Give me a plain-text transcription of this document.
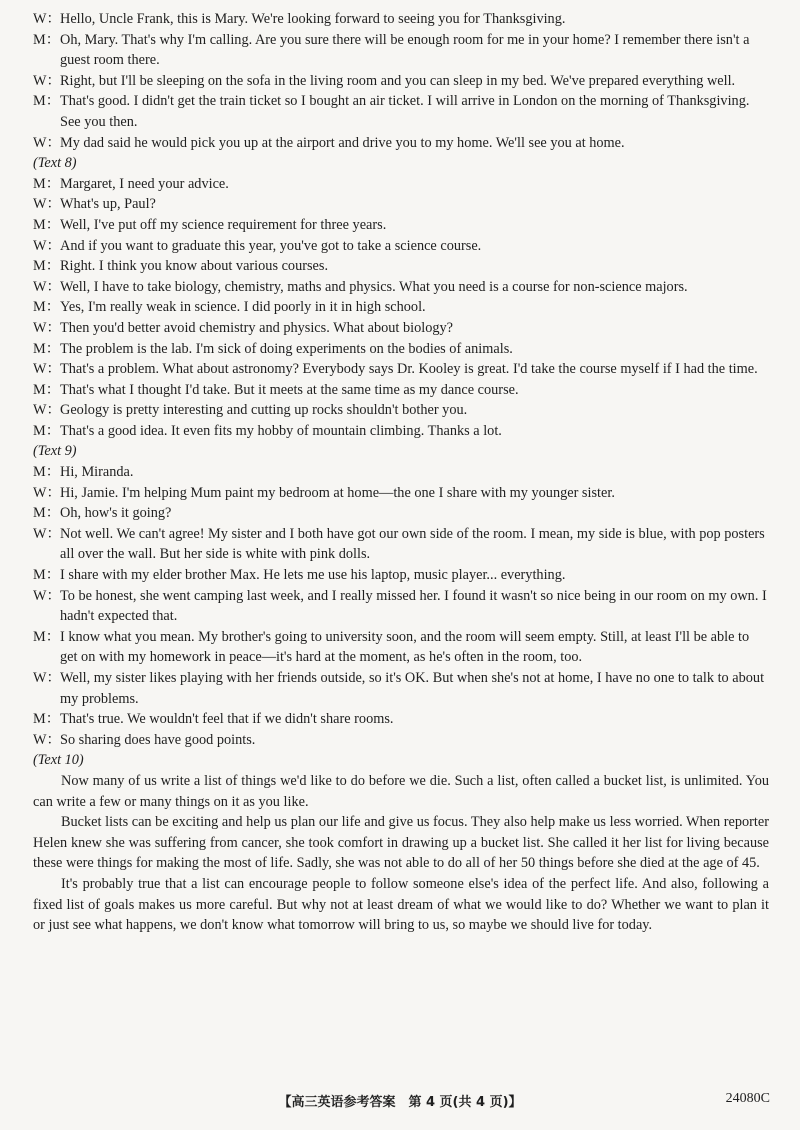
W：Hello, Uncle Frank, this is Mary. We're looking forward to seeing you for Thanksgiving.
M：Oh, Mary. That's why I'm calling. Are you sure there will be enough room for me in your home? I remember there isn't a guest room there.
W：Right, but I'll be sleeping on the sofa in the living room and you can sleep in my bed. We've prepared everything well.
M：That's good. I didn't get the train ticket so I bought an air ticket. I will arrive in London on the morning of Thanksgiving. See you then.
W：My dad said he would pick you up at the airport and drive you to my home. We'll see you at home.
(Text 8)
M：Margaret, I need your advice.
W：What's up, Paul?
M：Well, I've put off my science requirement for three years.
W：And if you want to graduate this year, you've got to take a science course.
M：Right. I think you know about various courses.
W：Well, I have to take biology, chemistry, maths and physics. What you need is a course for non-science majors.
M：Yes, I'm really weak in science. I did poorly in it in high school.
W：Then you'd better avoid chemistry and physics. What about biology?
M：The problem is the lab. I'm sick of doing experiments on the bodies of animals.
W：That's a problem. What about astronomy? Everybody says Dr. Kooley is great. I'd take the course myself if I had the time.
M：That's what I thought I'd take. But it meets at the same time as my dance course.
W：Geology is pretty interesting and cutting up rocks shouldn't bother you.
M：That's a good idea. It even fits my hobby of mountain climbing. Thanks a lot.
(Text 9)
M：Hi, Miranda.
W：Hi, Jamie. I'm helping Mum paint my bedroom at home—the one I share with my younger sister.
M：Oh, how's it going?
W：Not well. We can't agree! My sister and I both have got our own side of the room. I mean, my side is blue, with pop posters all over the wall. But her side is white with pink dolls.
M：I share with my elder brother Max. He lets me use his laptop, music player... everything.
W：To be honest, she went camping last week, and I really missed her. I found it wasn't so nice being in our room on my own. I hadn't expected that.
M：I know what you mean. My brother's going to university soon, and the room will seem empty. Still, at least I'll be able to get on with my homework in peace—it's hard at the moment, as he's often in the room, too.
W：Well, my sister likes playing with her friends outside, so it's OK. But when she's not at home, I have no one to talk to about my problems.
M：That's true. We wouldn't feel that if we didn't share rooms.
W：So sharing does have good points.
(Text 10)
Now many of us write a list of things we'd like to do before we die. Such a list, often called a bucket list, is unlimited. You can write a few or many things on it as you like.
Bucket lists can be exciting and help us plan our life and give us focus. They also help make us less worried. When reporter Helen knew she was suffering from cancer, she took comfort in drawing up a bucket list. She called it her list for living because these were things for making the most of life. Sadly, she was not able to do all of her 50 things before she died at the age of 45.
It's probably true that a list can encourage people to follow someone else's idea of the perfect life. And also, following a fixed list of goals makes us more careful. But why not at least dream of what we would like to do? Whether we want to plan it or just see what happens, we don't know what tomorrow will bring to us, so maybe we should live for today.
【高三英语参考答案　第 4 页(共 4 页)】	24080C
